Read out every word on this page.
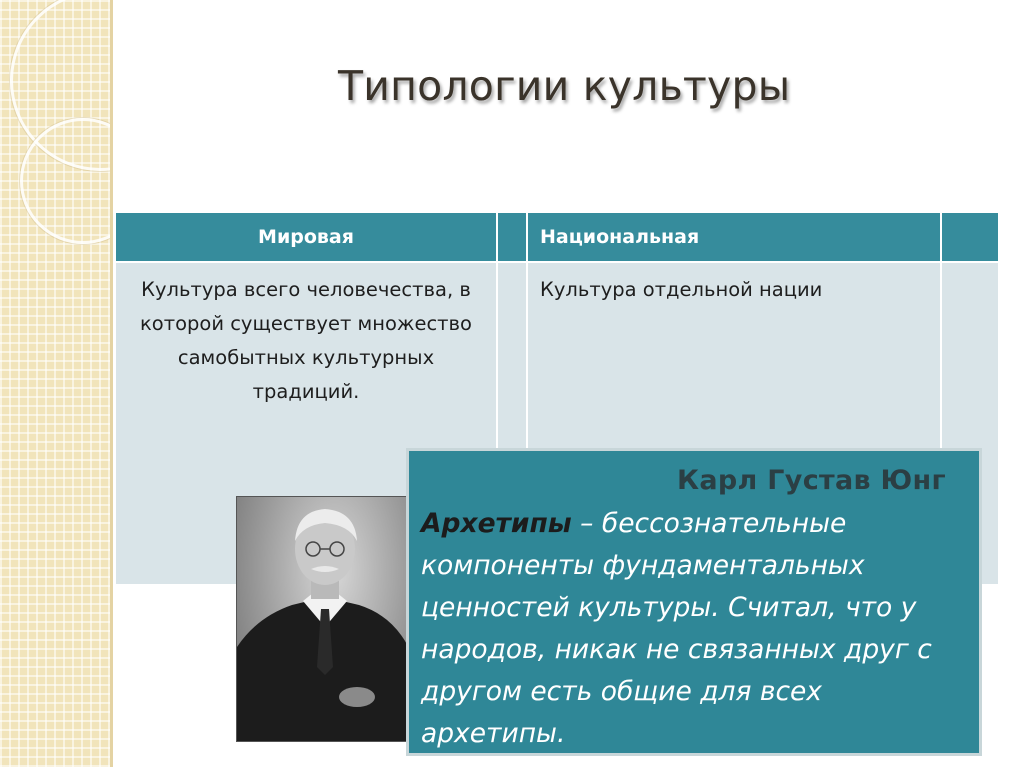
Типологии культуры
Мировая	Национальная
Культура всего человечества, в которой существует множество самобытных культурных традиций.
Культура отдельной нации
Карл Густав Юнг
Архетипы – бессознательные компоненты фундаментальных ценностей культуры. Считал, что у народов, никак не связанных друг с другом есть общие для всех архетипы.
